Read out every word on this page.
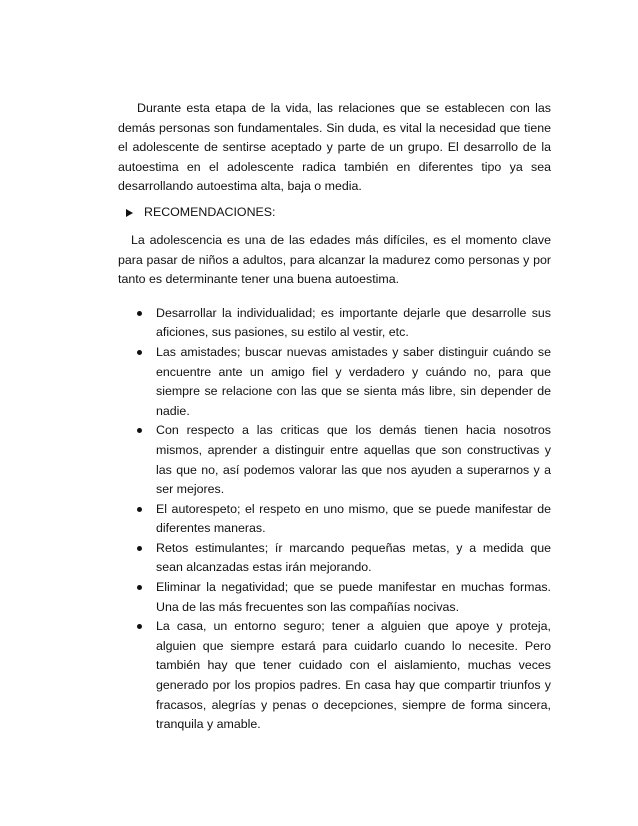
Durante esta etapa de la vida, las relaciones que se establecen con las demás personas son fundamentales. Sin duda, es vital la necesidad que tiene el adolescente de sentirse aceptado y parte de un grupo. El desarrollo de la autoestima en el adolescente radica también en diferentes tipo ya sea desarrollando autoestima alta, baja o media.

RECOMENDACIONES:

La adolescencia es una de las edades más difíciles, es el momento clave para pasar de niños a adultos, para alcanzar la madurez como personas y por tanto es determinante tener una buena autoestima.

Desarrollar la individualidad; es importante dejarle que desarrolle sus aficiones, sus pasiones, su estilo al vestir, etc.
Las amistades; buscar nuevas amistades y saber distinguir cuándo se encuentre ante un amigo fiel y verdadero y cuándo no, para que siempre se relacione con las que se sienta más libre, sin depender de nadie.
Con respecto a las criticas que los demás tienen hacia nosotros mismos, aprender a distinguir entre aquellas que son constructivas y las que no, así podemos valorar las que nos ayuden a superarnos y a ser mejores.
El autorespeto; el respeto en uno mismo, que se puede manifestar de diferentes maneras.
Retos estimulantes; ír marcando pequeñas metas, y a medida que sean alcanzadas estas irán mejorando.
Eliminar la negatividad; que se puede manifestar en muchas formas. Una de las más frecuentes son las compañías nocivas.
La casa, un entorno seguro; tener a alguien que apoye y proteja, alguien que siempre estará para cuidarlo cuando lo necesite. Pero también hay que tener cuidado con el aislamiento, muchas veces generado por los propios padres. En casa hay que compartir triunfos y fracasos, alegrías y penas o decepciones, siempre de forma sincera, tranquila y amable.
